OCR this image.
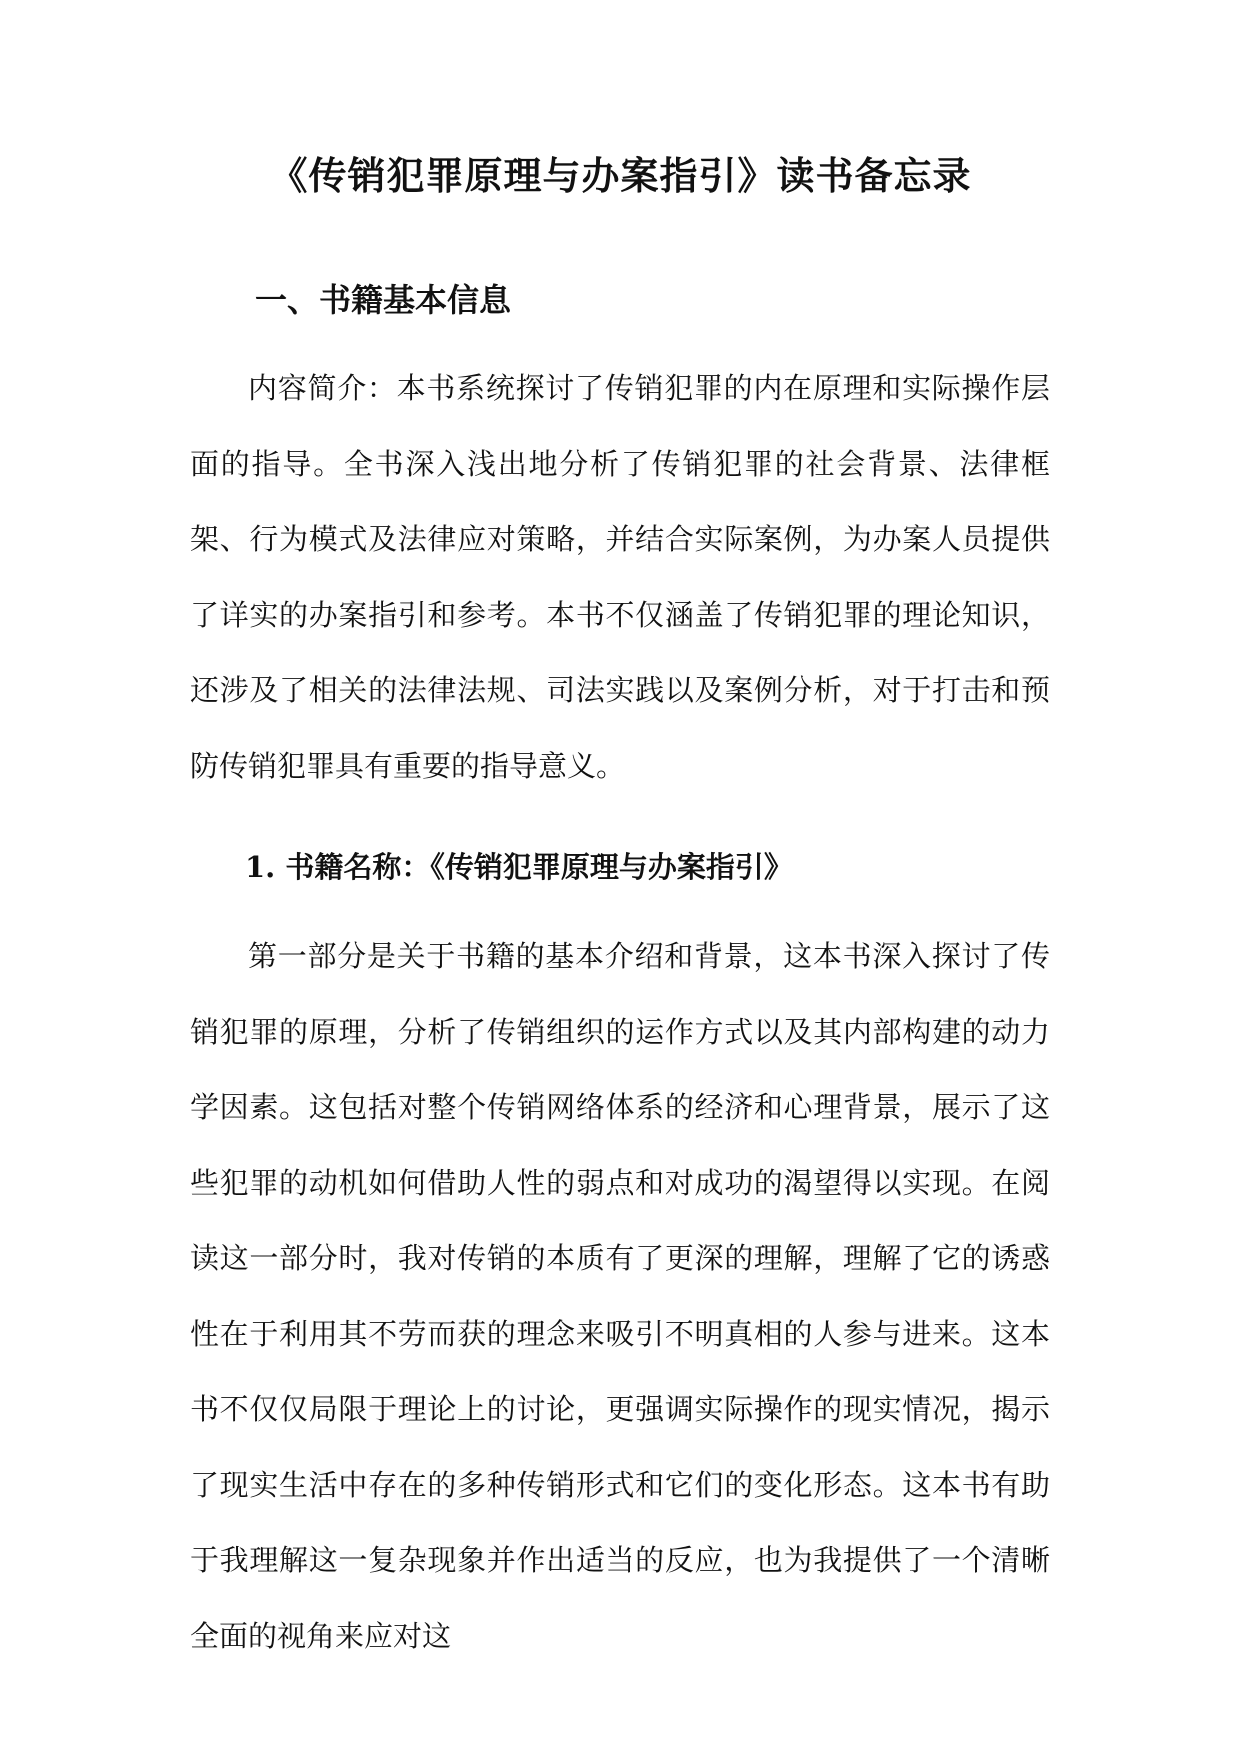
《传销犯罪原理与办案指引》读书备忘录
一、书籍基本信息

内容简介：本书系统探讨了传销犯罪的内在原理和实际操作层面的指导。全书深入浅出地分析了传销犯罪的社会背景、法律框架、行为模式及法律应对策略，并结合实际案例，为办案人员提供了详实的办案指引和参考。本书不仅涵盖了传销犯罪的理论知识，还涉及了相关的法律法规、司法实践以及案例分析，对于打击和预防传销犯罪具有重要的指导意义。

1. 书籍名称：《传销犯罪原理与办案指引》

第一部分是关于书籍的基本介绍和背景，这本书深入探讨了传销犯罪的原理，分析了传销组织的运作方式以及其内部构建的动力学因素。这包括对整个传销网络体系的经济和心理背景，展示了这些犯罪的动机如何借助人性的弱点和对成功的渴望得以实现。在阅读这一部分时，我对传销的本质有了更深的理解，理解了它的诱惑性在于利用其不劳而获的理念来吸引不明真相的人参与进来。这本书不仅仅局限于理论上的讨论，更强调实际操作的现实情况，揭示了现实生活中存在的多种传销形式和它们的变化形态。这本书有助于我理解这一复杂现象并作出适当的反应，也为我提供了一个清晰全面的视角来应对这
